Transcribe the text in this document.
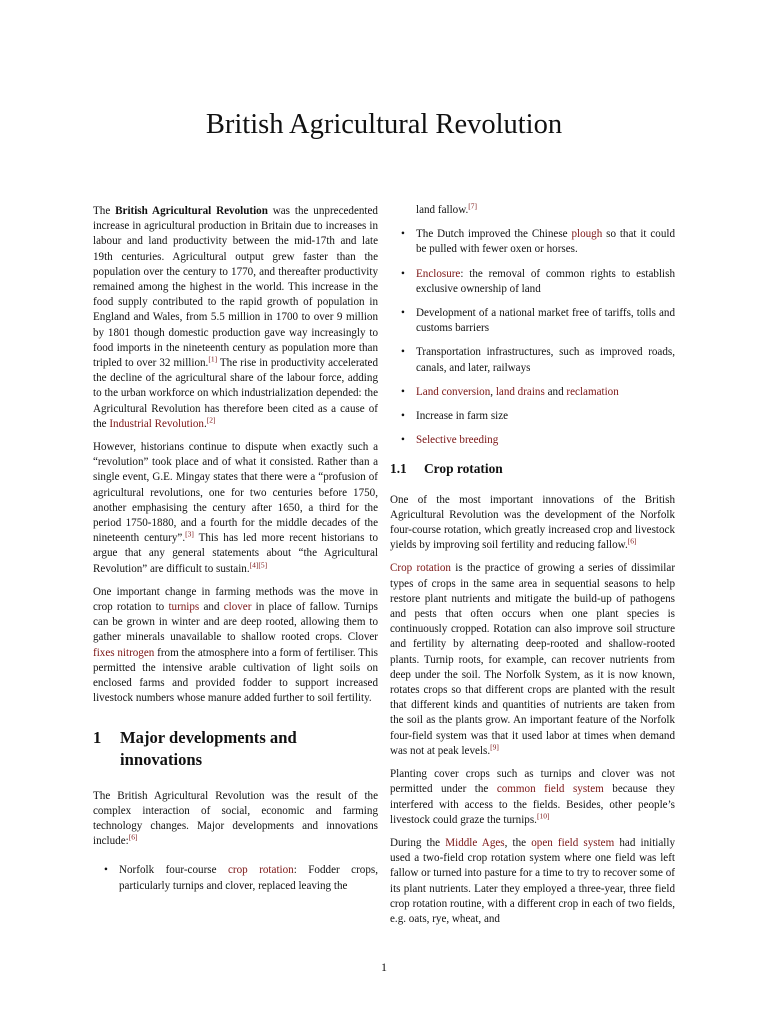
British Agricultural Revolution

The British Agricultural Revolution was the unprecedented increase in agricultural production in Britain due to increases in labour and land productivity between the mid-17th and late 19th centuries. Agricultural output grew faster than the population over the century to 1770, and thereafter productivity remained among the highest in the world. This increase in the food supply contributed to the rapid growth of population in England and Wales, from 5.5 million in 1700 to over 9 million by 1801 though domestic production gave way increasingly to food imports in the nineteenth century as population more than tripled to over 32 million.[1] The rise in productivity accelerated the decline of the agricultural share of the labour force, adding to the urban workforce on which industrialization depended: the Agricultural Revolution has therefore been cited as a cause of the Industrial Revolution.[2]

However, historians continue to dispute when exactly such a “revolution” took place and of what it consisted. Rather than a single event, G.E. Mingay states that there were a “profusion of agricultural revolutions, one for two centuries before 1750, another emphasising the century after 1650, a third for the period 1750-1880, and a fourth for the middle decades of the nineteenth century”.[3] This has led more recent historians to argue that any general statements about “the Agricultural Revolution” are difficult to sustain.[4][5]

One important change in farming methods was the move in crop rotation to turnips and clover in place of fallow. Turnips can be grown in winter and are deep rooted, allowing them to gather minerals unavailable to shallow rooted crops. Clover fixes nitrogen from the atmosphere into a form of fertiliser. This permitted the intensive arable cultivation of light soils on enclosed farms and provided fodder to support increased livestock numbers whose manure added further to soil fertility.

1	Major developments and innovations

The British Agricultural Revolution was the result of the complex interaction of social, economic and farming technology changes. Major developments and innovations include:[6]

• Norfolk four-course crop rotation: Fodder crops, particularly turnips and clover, replaced leaving the
land fallow.[7]
• The Dutch improved the Chinese plough so that it could be pulled with fewer oxen or horses.
• Enclosure: the removal of common rights to establish exclusive ownership of land
• Development of a national market free of tariffs, tolls and customs barriers
• Transportation infrastructures, such as improved roads, canals, and later, railways
• Land conversion, land drains and reclamation
• Increase in farm size
• Selective breeding
1.1	Crop rotation

One of the most important innovations of the British Agricultural Revolution was the development of the Norfolk four-course rotation, which greatly increased crop and livestock yields by improving soil fertility and reducing fallow.[6]

Crop rotation is the practice of growing a series of dissimilar types of crops in the same area in sequential seasons to help restore plant nutrients and mitigate the build-up of pathogens and pests that often occurs when one plant species is continuously cropped. Rotation can also improve soil structure and fertility by alternating deep-rooted and shallow-rooted plants. Turnip roots, for example, can recover nutrients from deep under the soil. The Norfolk System, as it is now known, rotates crops so that different crops are planted with the result that different kinds and quantities of nutrients are taken from the soil as the plants grow. An important feature of the Norfolk four-field system was that it used labor at times when demand was not at peak levels.[9]

Planting cover crops such as turnips and clover was not permitted under the common field system because they interfered with access to the fields. Besides, other people’s livestock could graze the turnips.[10]

During the Middle Ages, the open field system had initially used a two-field crop rotation system where one field was left fallow or turned into pasture for a time to try to recover some of its plant nutrients. Later they employed a three-year, three field crop rotation routine, with a different crop in each of two fields, e.g. oats, rye, wheat, and

1
